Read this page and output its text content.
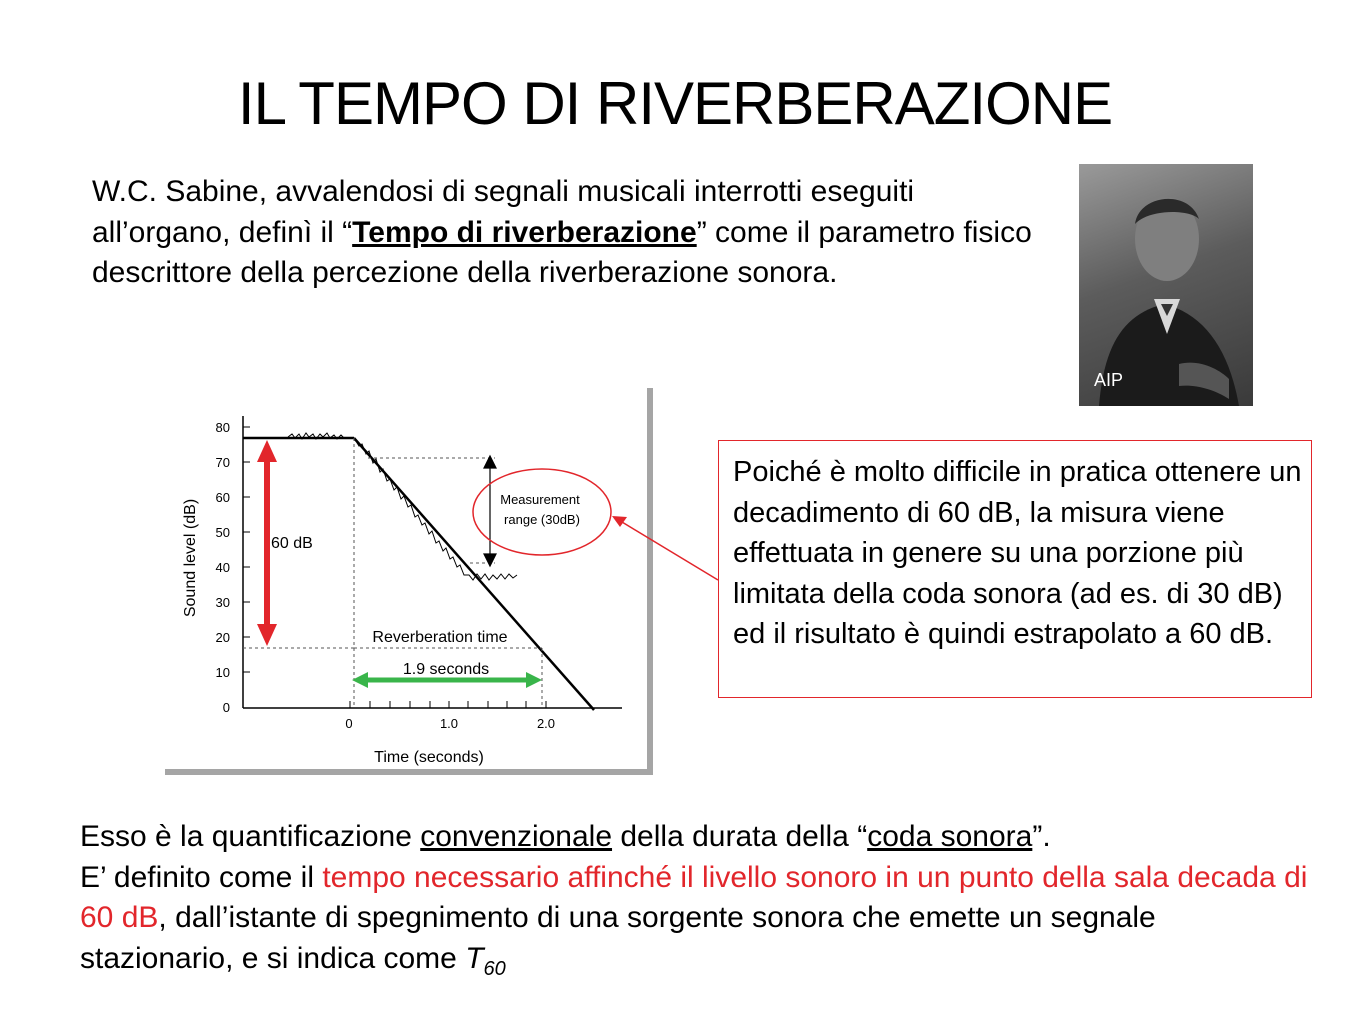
IL TEMPO DI RIVERBERAZIONE
W.C. Sabine, avvalendosi di segnali musicali interrotti eseguiti all’organo, definì il “Tempo di riverberazione” come il parametro fisico descrittore della percezione della riverberazione sonora.
AIP
80
70
60
50
40
30
20
10
0
0	1.0	2.0
Time (seconds)
Sound level (dB)	Measurement
range (30dB)
60 dB
Reverberation time
1.9 seconds
Poiché è molto difficile in pratica ottenere un decadimento di 60 dB, la misura viene effettuata in genere su una porzione più limitata della coda sonora (ad es. di 30 dB) ed il risultato è quindi estrapolato a 60 dB.
Esso è la quantificazione convenzionale della durata della “coda sonora”.
E’ definito come il tempo necessario affinché il livello sonoro in un punto della sala decada di 60 dB, dall’istante di spegnimento di una sorgente sonora che emette un segnale stazionario, e si indica come $T_{60}$
